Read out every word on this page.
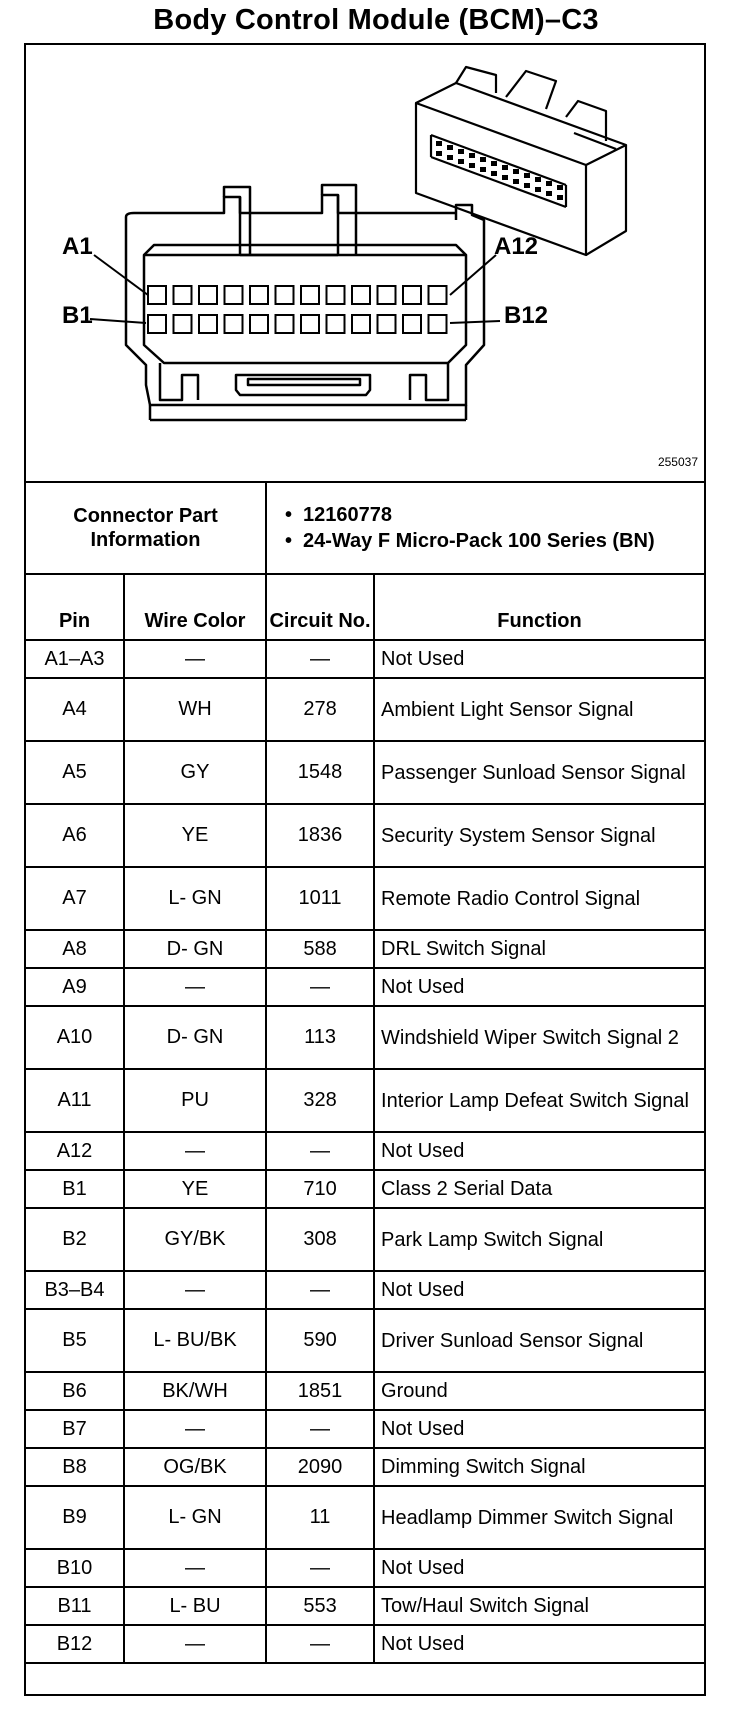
Body Control Module (BCM)–C3
A1
B1
A12
B12
255037
Connector Part Information		• 12160778
• 24-Way F Micro-Pack 100 Series (BN)

Pin	Wire Color	Circuit No.	Function
A1–A3	—	—	Not Used
A4	WH	278	Ambient Light Sensor Signal
A5	GY	1548	Passenger Sunload Sensor Signal
A6	YE	1836	Security System Sensor Signal
A7	L- GN	1011	Remote Radio Control Signal
A8	D- GN	588	DRL Switch Signal
A9	—	—	Not Used
A10	D- GN	113	Windshield Wiper Switch Signal 2
A11	PU	328	Interior Lamp Defeat Switch Signal
A12	—	—	Not Used
B1	YE	710	Class 2 Serial Data
B2	GY/BK	308	Park Lamp Switch Signal
B3–B4	—	—	Not Used
B5	L- BU/BK	590	Driver Sunload Sensor Signal
B6	BK/WH	1851	Ground
B7	—	—	Not Used
B8	OG/BK	2090	Dimming Switch Signal
B9	L- GN	11	Headlamp Dimmer Switch Signal
B10	—	—	Not Used
B11	L- BU	553	Tow/Haul Switch Signal
B12	—	—	Not Used
